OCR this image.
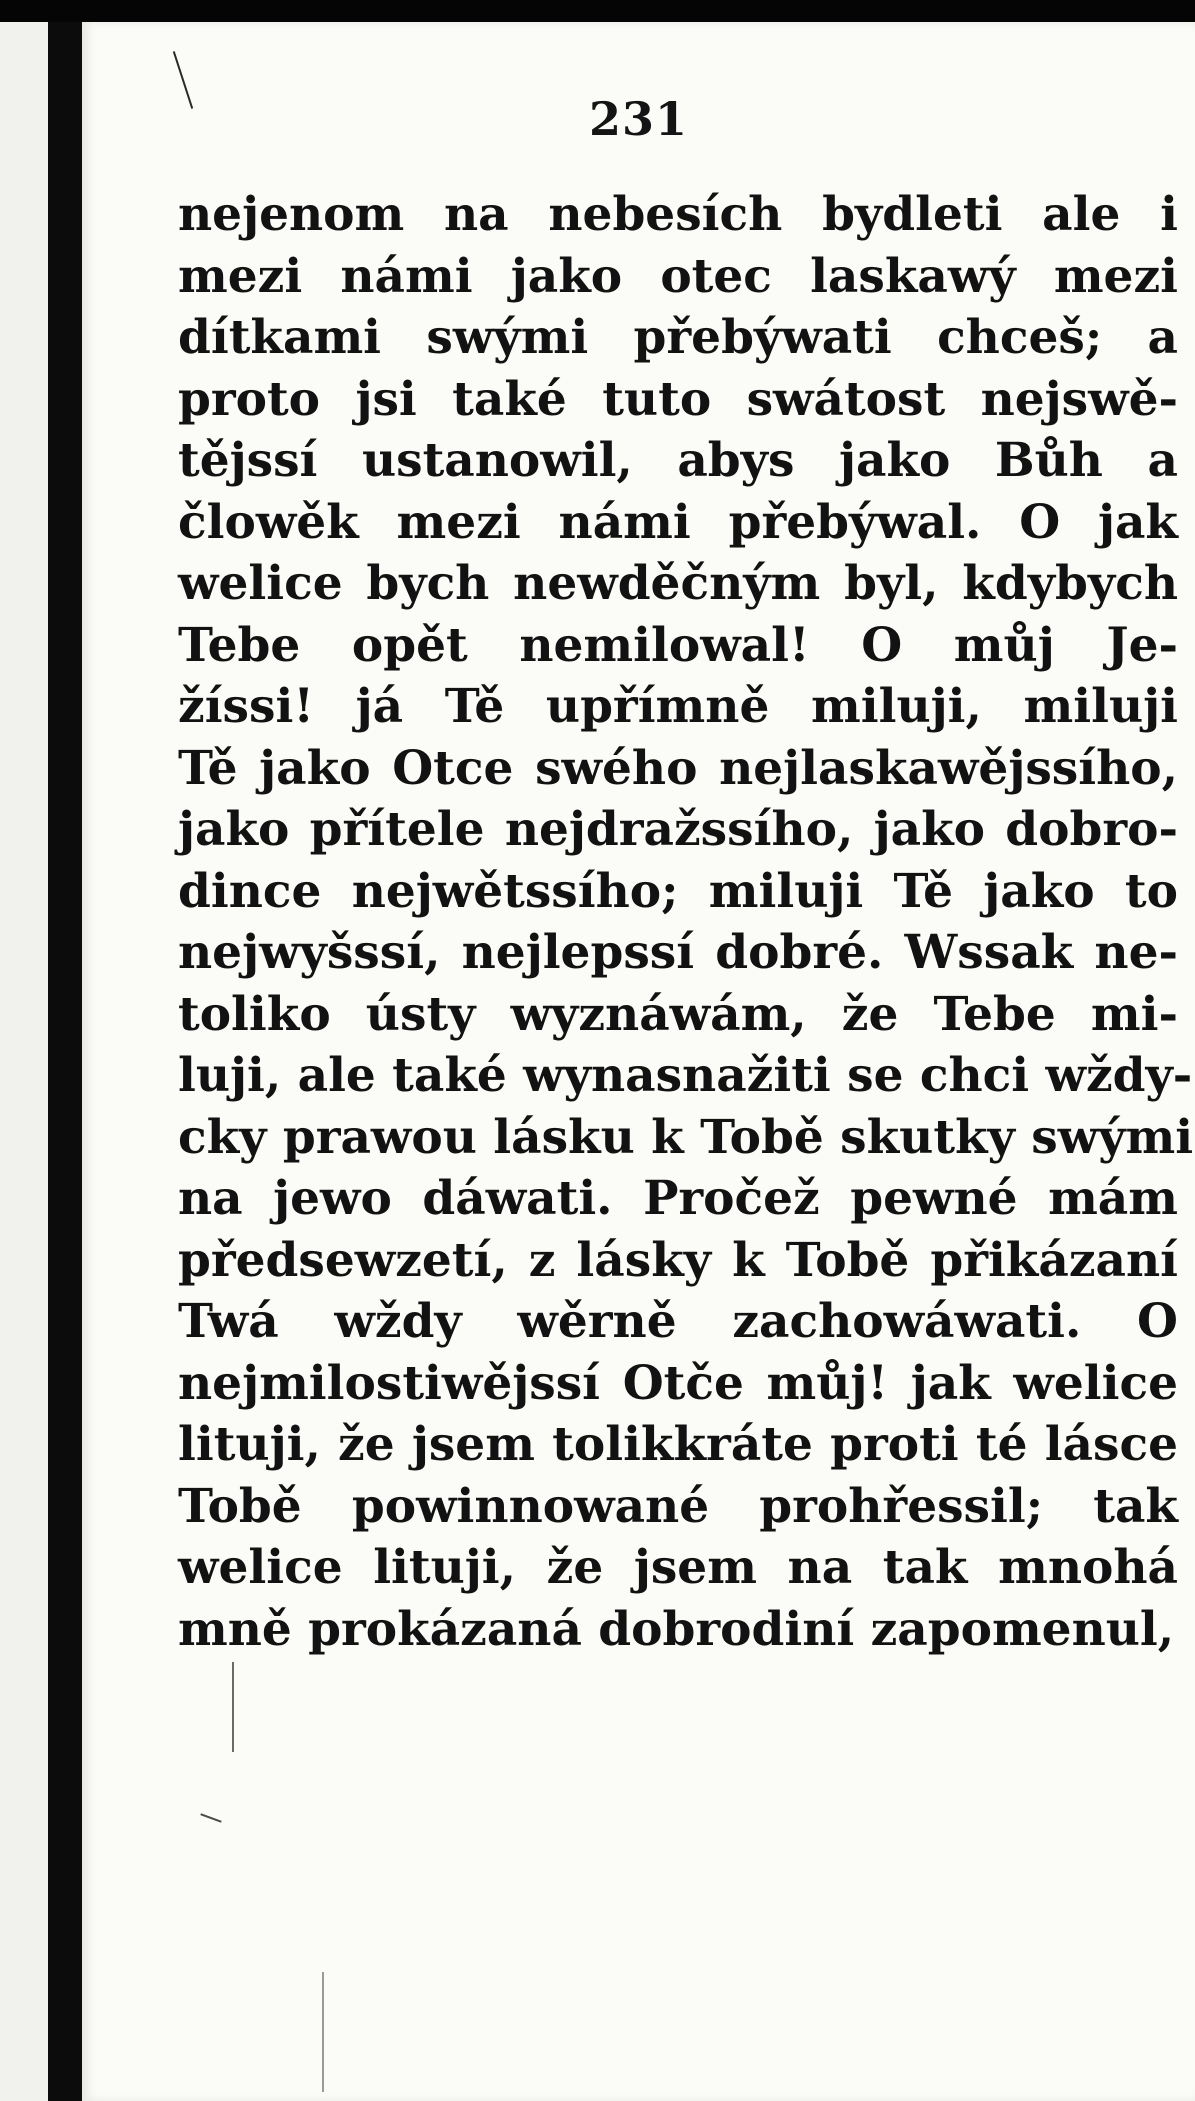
231
nejenom na nebesích bydleti ale i
mezi námi jako otec laskawý mezi
dítkami swými přebýwati chceš; a
proto jsi také tuto swátost nejswě-
tějssí ustanowil, abys jako Bůh a
člowěk mezi námi přebýwal. O jak
welice bych newděčným byl, kdybych
Tebe opět nemilowal! O můj Je-
žíssi! já Tě upřímně miluji, miluji
Tě jako Otce swého nejlaskawějssího,
jako přítele nejdražssího, jako dobro-
dince nejwětssího; miluji Tě jako to
nejwyšssí, nejlepssí dobré. Wssak ne-
toliko ústy wyznáwám, že Tebe mi-
luji, ale také wynasnažiti se chci wždy-
cky prawou lásku k Tobě skutky swými
na jewo dáwati. Pročež pewné mám
předsewzetí, z lásky k Tobě přikázaní
Twá wždy wěrně zachowáwati. O
nejmilostiwějssí Otče můj! jak welice
lituji, že jsem tolikkráte proti té lásce
Tobě powinnowané prohřessil; tak
welice lituji, že jsem na tak mnohá
mně prokázaná dobrodiní zapomenul,
